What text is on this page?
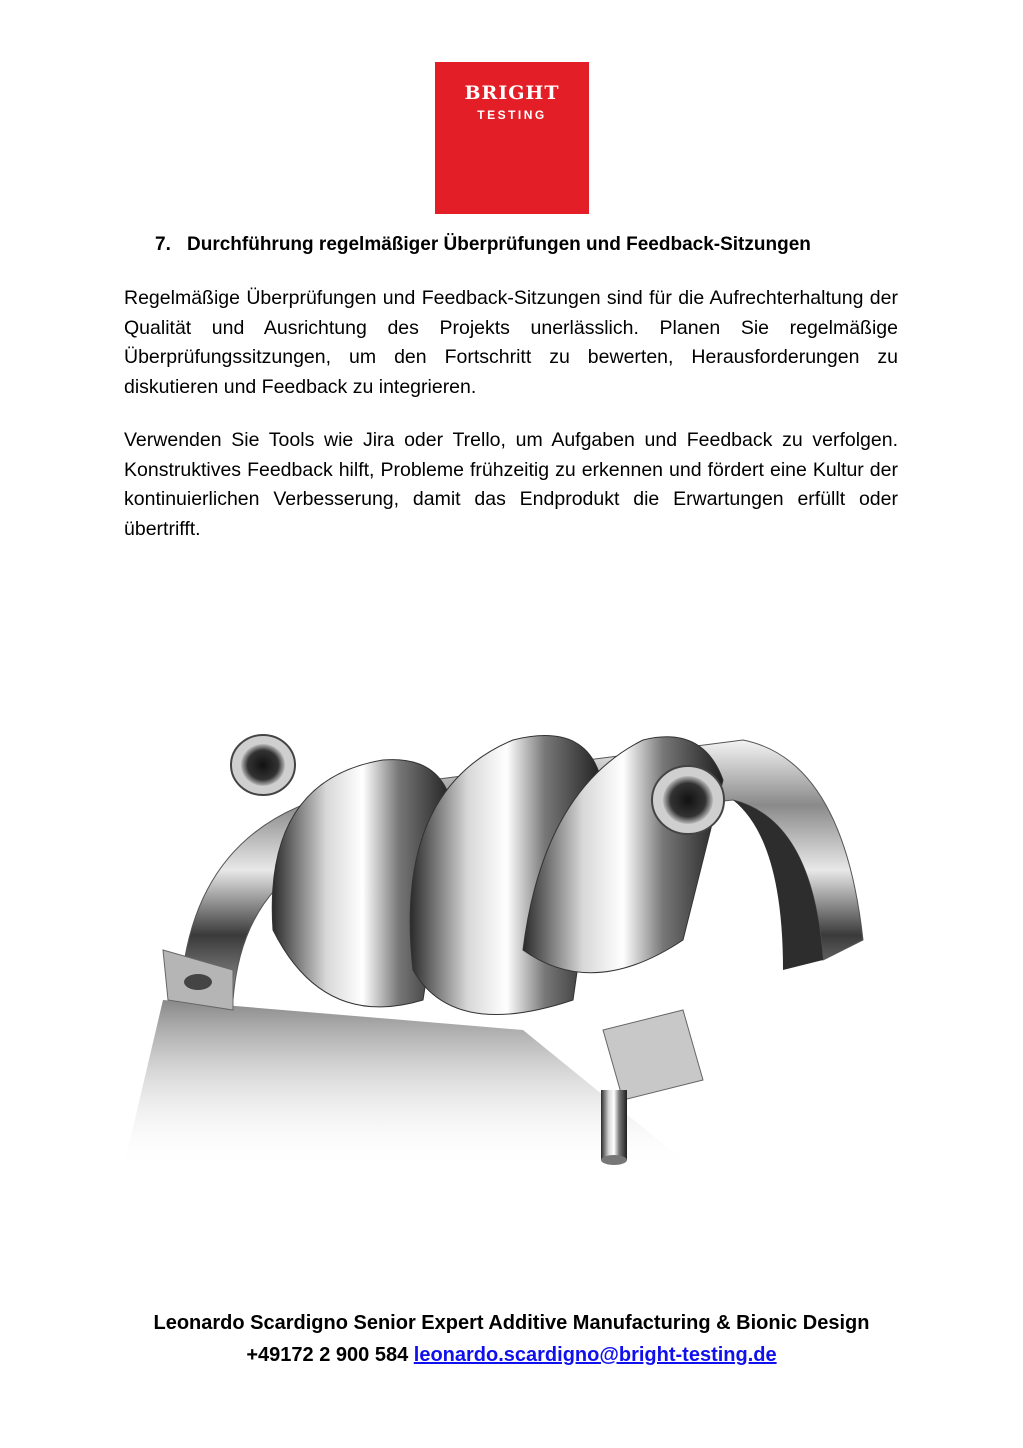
BRIGHT
TESTING
7. Durchführung regelmäßiger Überprüfungen und Feedback-Sitzungen

Regelmäßige Überprüfungen und Feedback-Sitzungen sind für die Aufrechterhaltung der Qualität und Ausrichtung des Projekts unerlässlich. Planen Sie regelmäßige Überprüfungssitzungen, um den Fortschritt zu bewerten, Herausforderungen zu diskutieren und Feedback zu integrieren.

Verwenden Sie Tools wie Jira oder Trello, um Aufgaben und Feedback zu verfolgen. Konstruktives Feedback hilft, Probleme frühzeitig zu erkennen und fördert eine Kultur der kontinuierlichen Verbesserung, damit das Endprodukt die Erwartungen erfüllt oder übertrifft.

Leonardo Scardigno Senior Expert Additive Manufacturing & Bionic Design
+49172 2 900 584 leonardo.scardigno@bright-testing.de
